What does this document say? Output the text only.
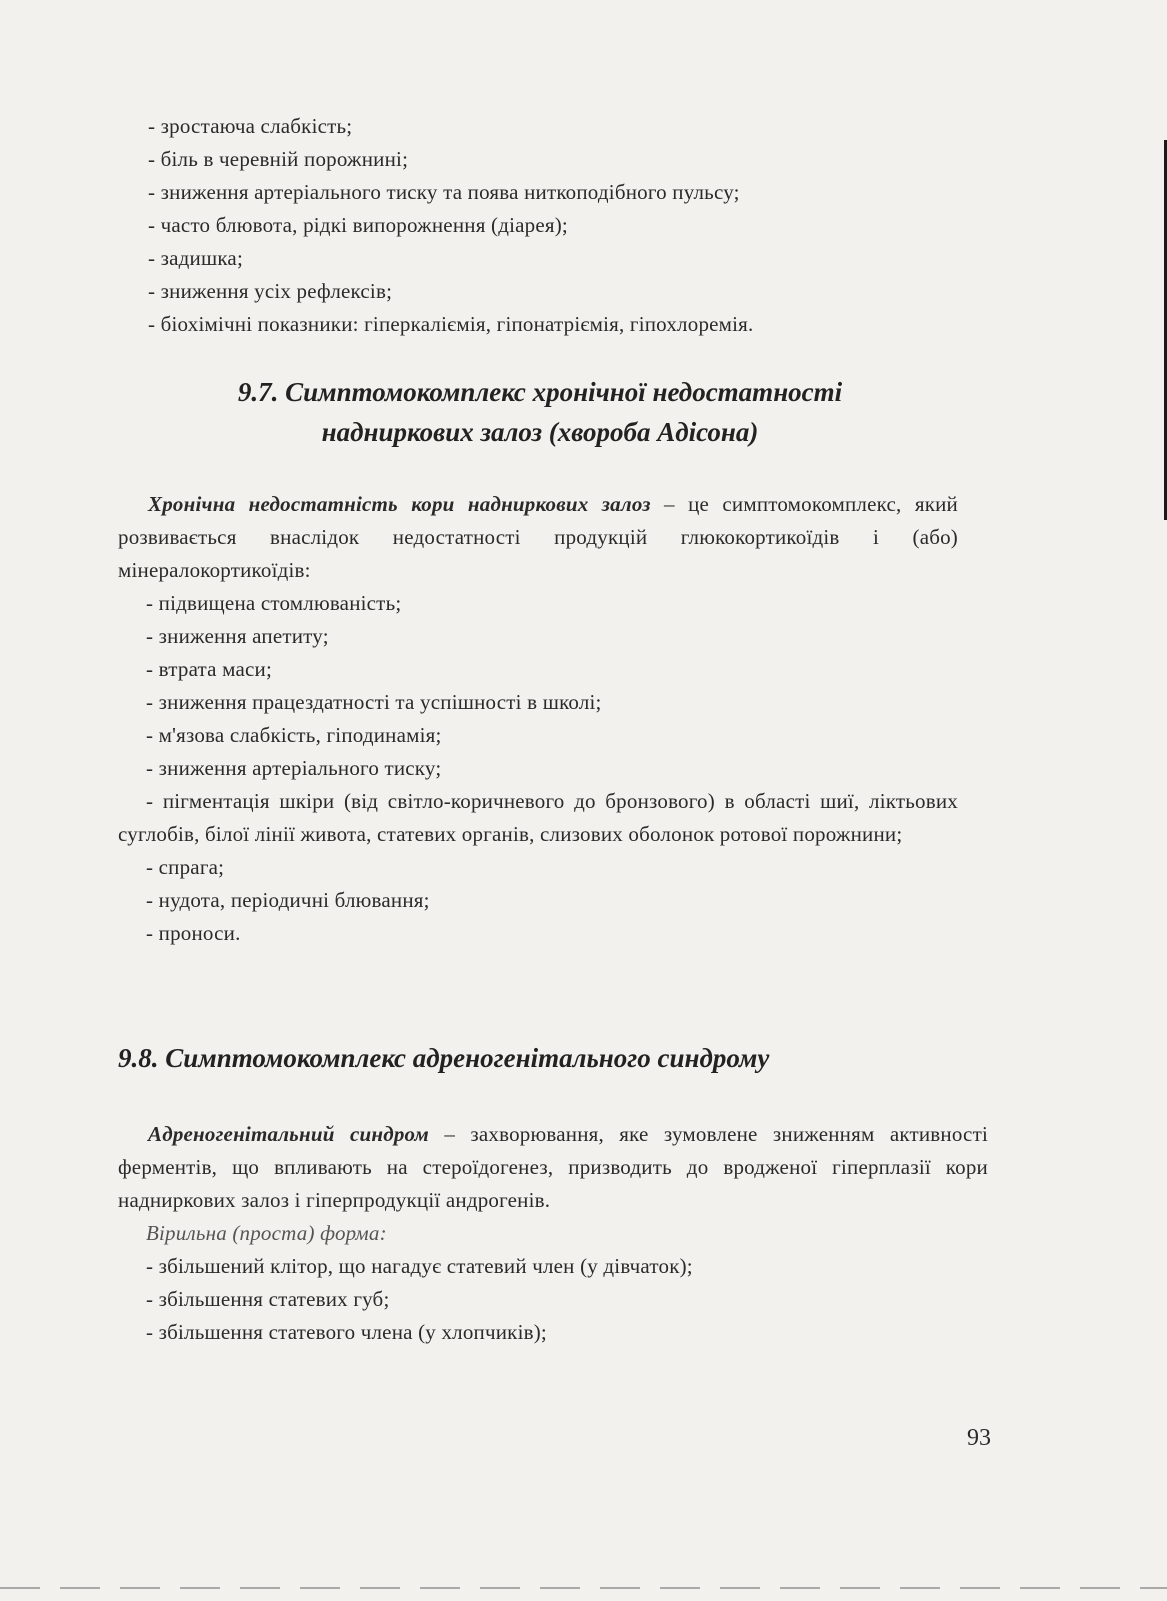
- зростаюча слабкість;
- біль в черевній порожнині;
- зниження артеріального тиску та поява ниткоподібного пульсу;
- часто блювота, рідкі випорожнення (діарея);
- задишка;
- зниження усіх рефлексів;
- біохімічні показники: гіперкаліємія, гіпонатріємія, гіпохлоремія.
9.7. Симптомокомплекс хронічної недостатності
надниркових залоз (хвороба Адісона)
Хронічна недостатність кори надниркових залоз – це симптомокомплекс, який розвивається внаслідок недостатності продукцій глюкокортикоїдів і (або) мінералокортикоїдів:
- підвищена стомлюваність;
- зниження апетиту;
- втрата маси;
- зниження працездатності та успішності в школі;
- м'язова слабкість, гіподинамія;
- зниження артеріального тиску;
- пігментація шкіри (від світло-коричневого до бронзового) в області шиї, ліктьових суглобів, білої лінії живота, статевих органів, слизових оболонок ротової порожнини;
- спрага;
- нудота, періодичні блювання;
- проноси.
9.8. Симптомокомплекс адреногенітального синдрому
Адреногенітальний синдром – захворювання, яке зумовлене зниженням активності ферментів, що впливають на стероїдогенез, призводить до вродженої гіперплазії кори надниркових залоз і гіперпродукції андрогенів.
Вірильна (проста) форма:
- збільшений клітор, що нагадує статевий член (у дівчаток);
- збільшення статевих губ;
- збільшення статевого члена (у хлопчиків);
93
